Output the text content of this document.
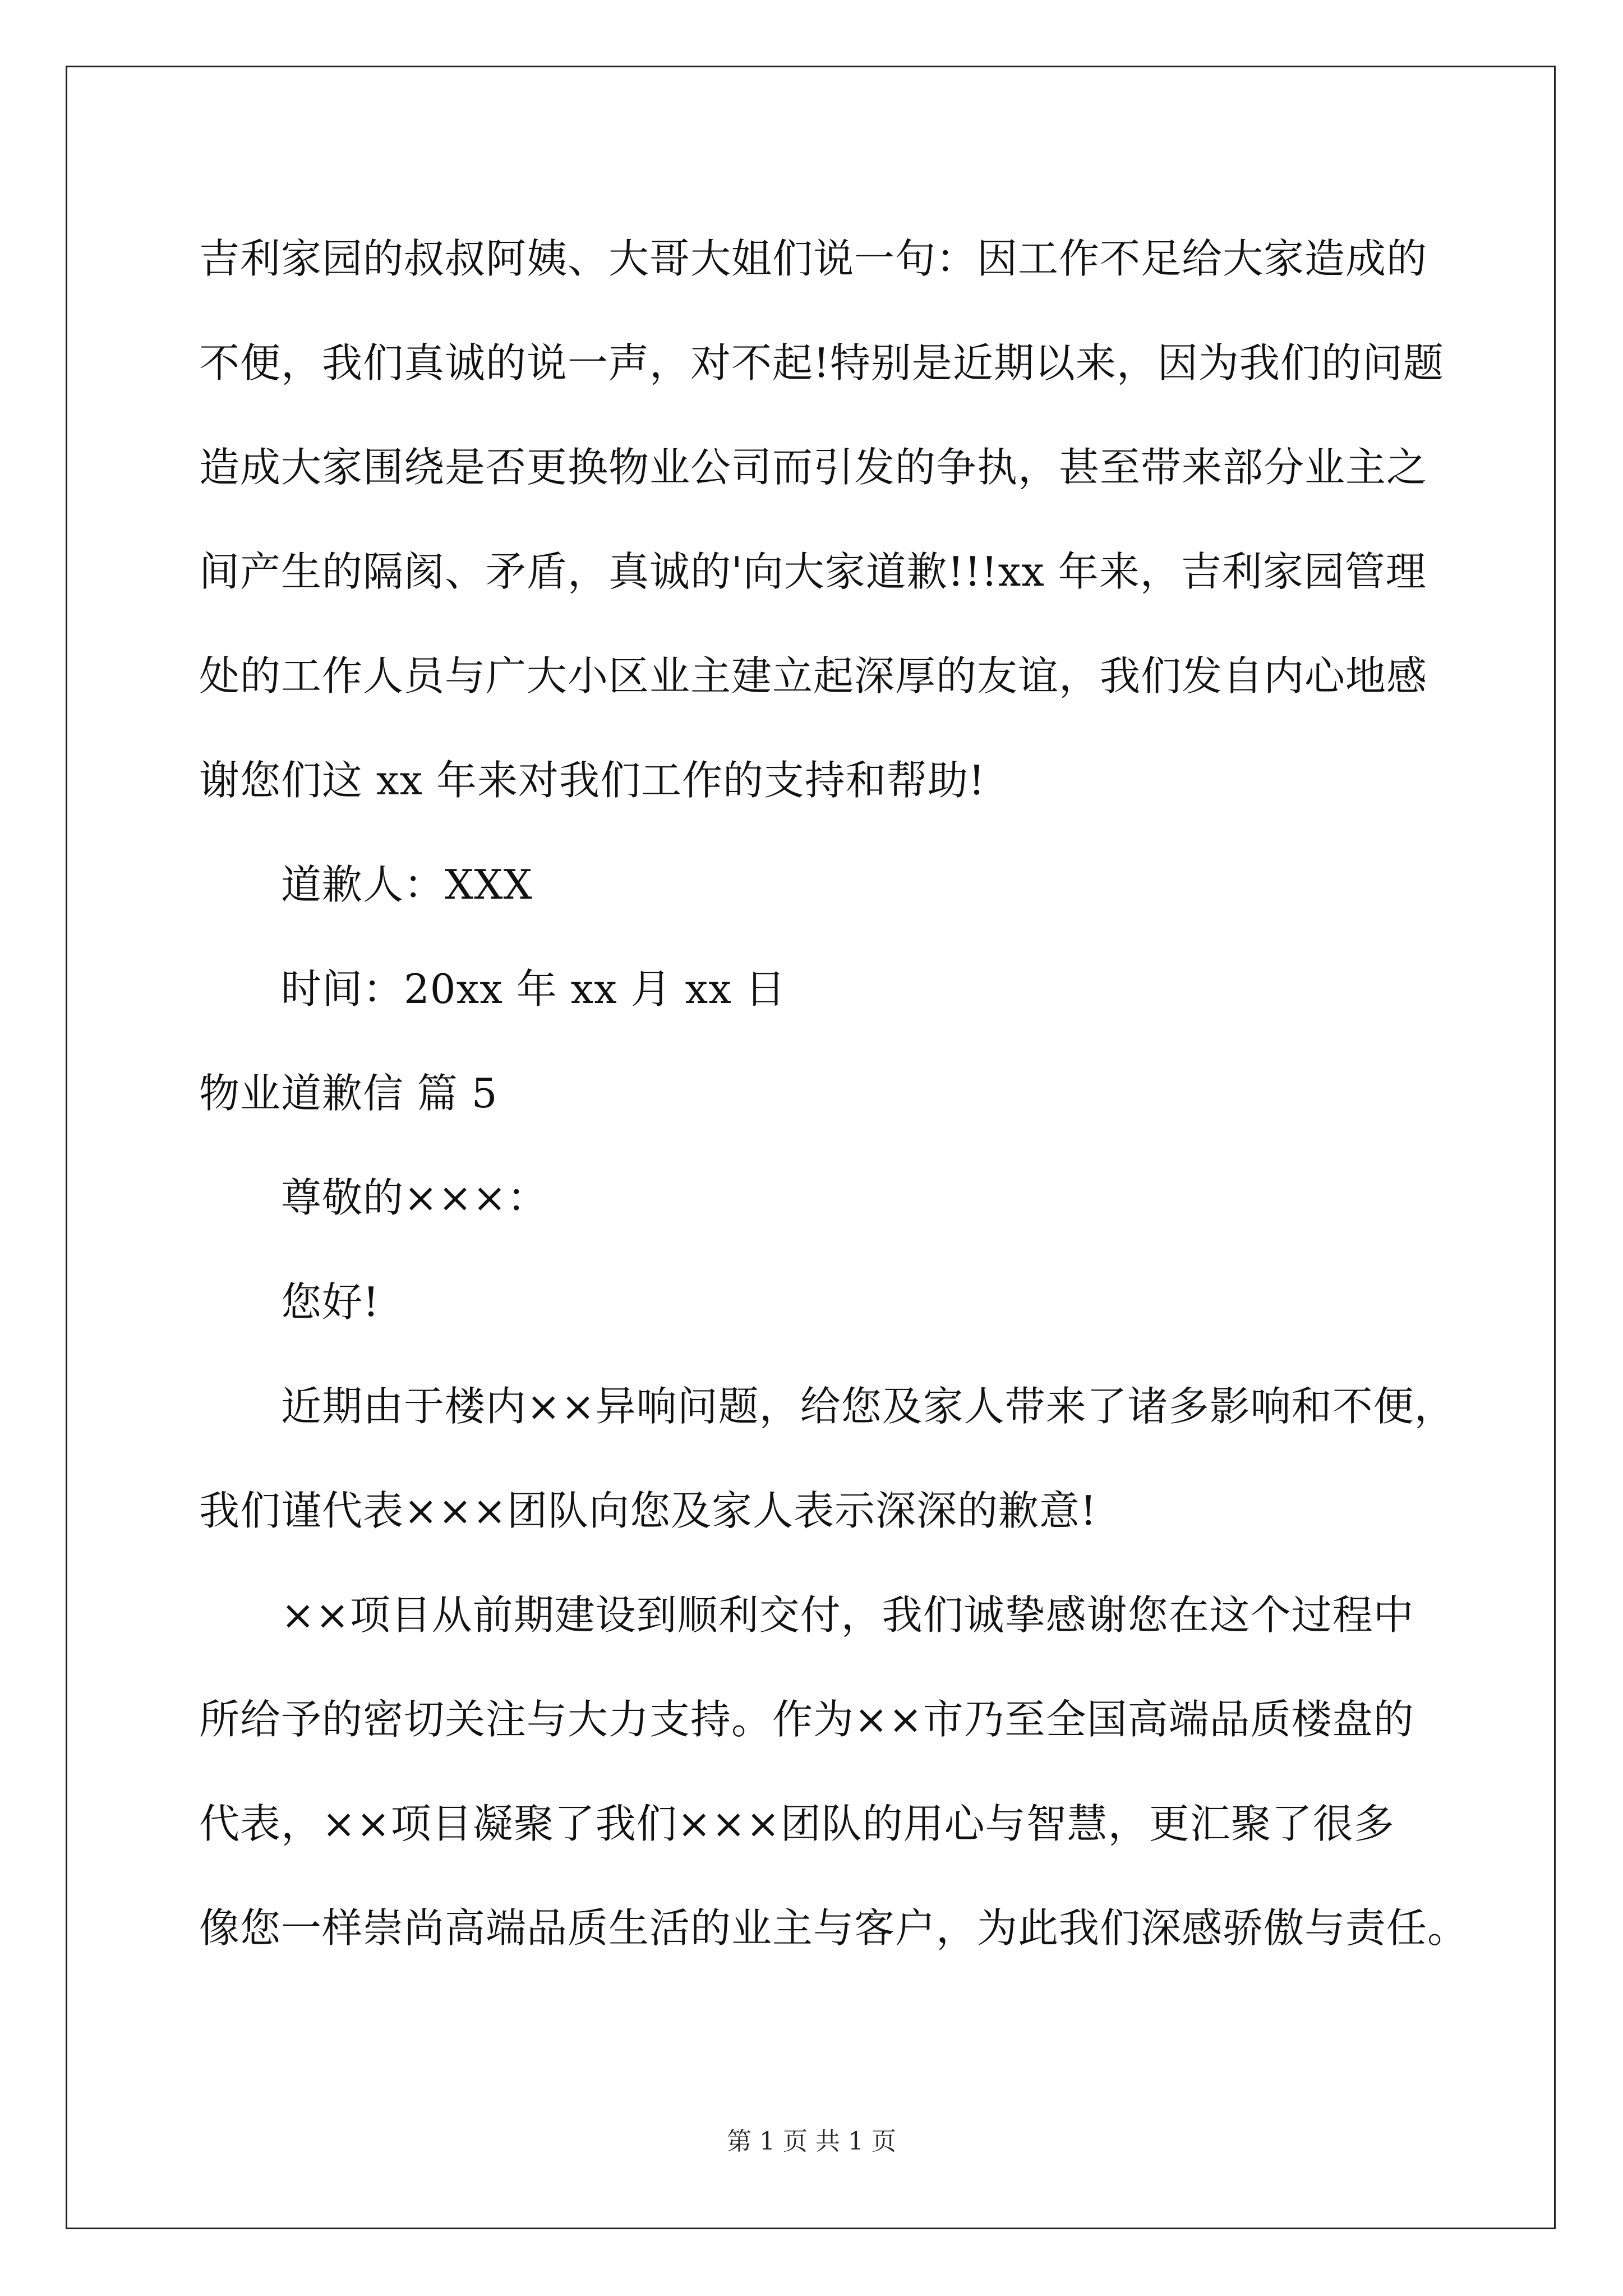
吉利家园的叔叔阿姨、大哥大姐们说一句：因工作不足给大家造成的

不便，我们真诚的说一声，对不起!特别是近期以来，因为我们的问题

造成大家围绕是否更换物业公司而引发的争执，甚至带来部分业主之

间产生的隔阂、矛盾，真诚的'向大家道歉!!!xx 年来，吉利家园管理

处的工作人员与广大小区业主建立起深厚的友谊，我们发自内心地感

谢您们这 xx 年来对我们工作的支持和帮助!

道歉人：XXX

时间：20xx 年 xx 月 xx 日

物业道歉信 篇 5

尊敬的×××：

您好!

近期由于楼内××异响问题，给您及家人带来了诸多影响和不便，

我们谨代表×××团队向您及家人表示深深的歉意!

××项目从前期建设到顺利交付，我们诚挚感谢您在这个过程中

所给予的密切关注与大力支持。作为××市乃至全国高端品质楼盘的

代表，××项目凝聚了我们×××团队的用心与智慧，更汇聚了很多

像您一样崇尚高端品质生活的业主与客户，为此我们深感骄傲与责任。

第 1 页 共 1 页
